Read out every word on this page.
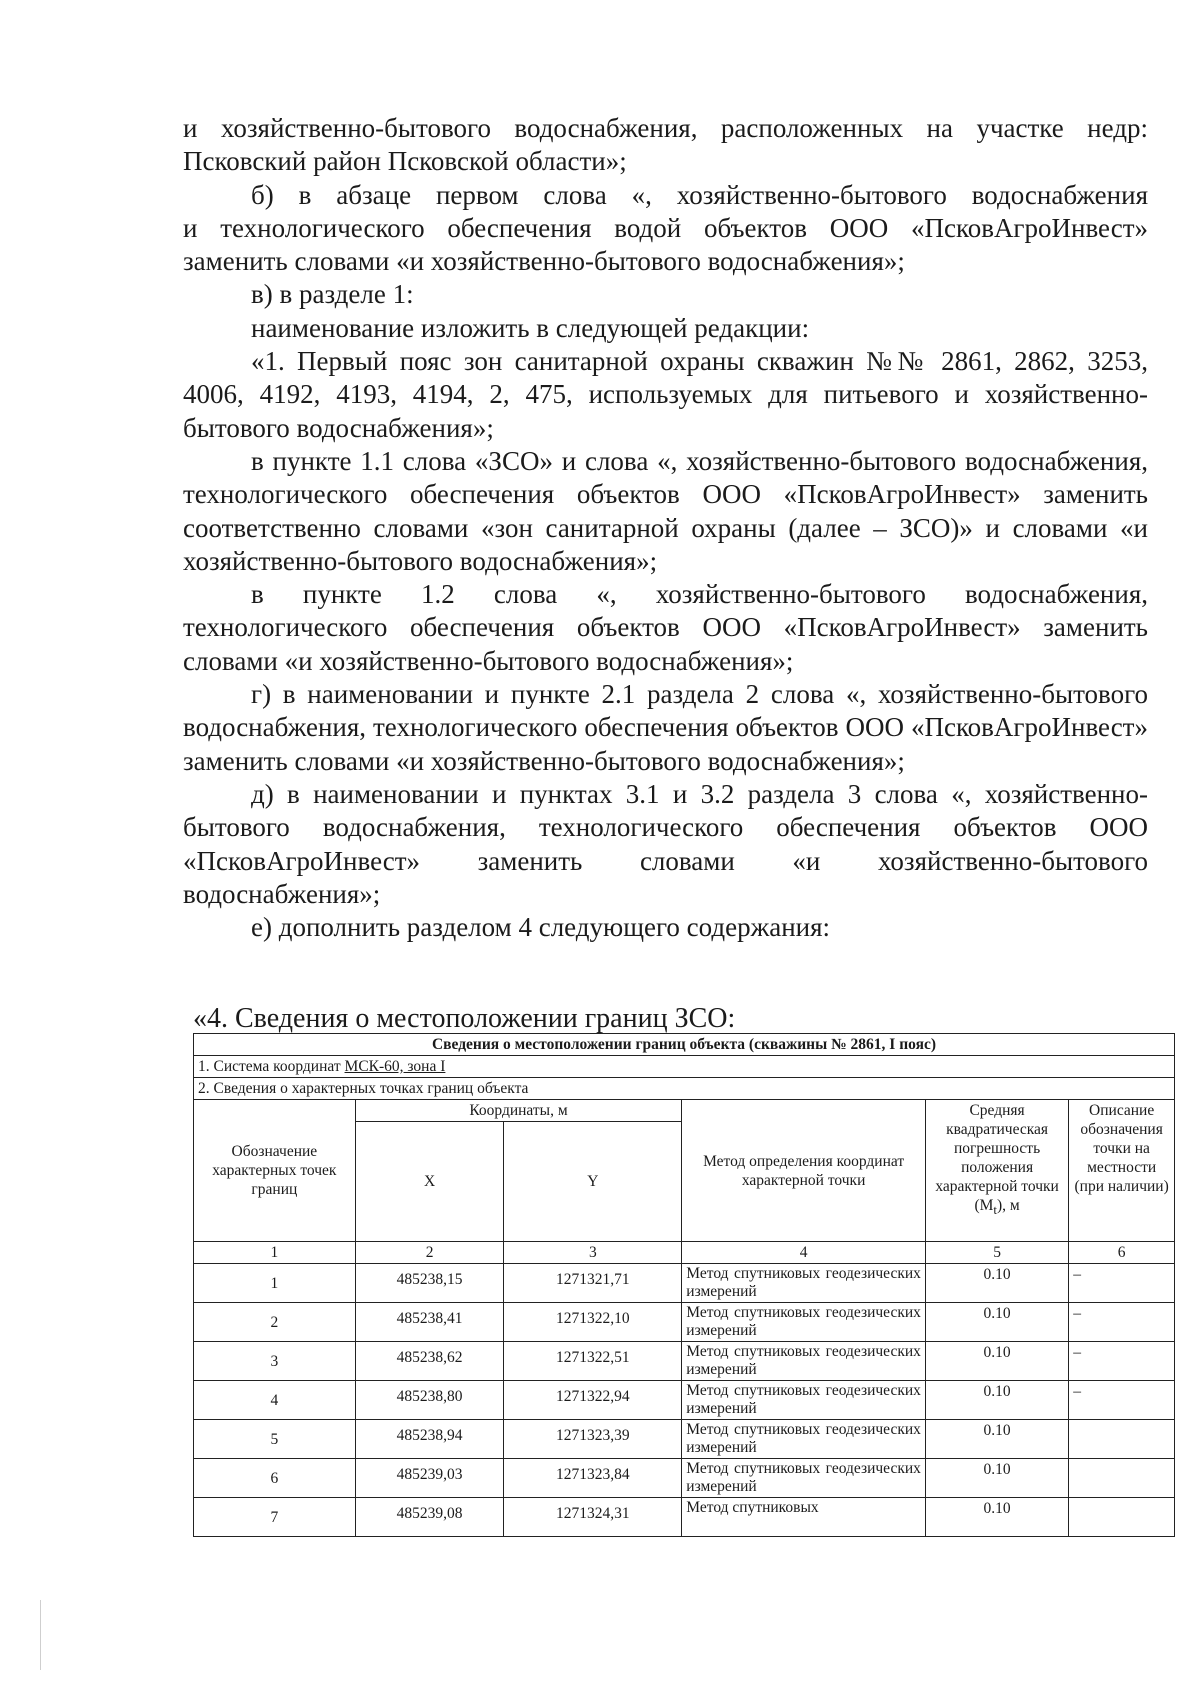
и хозяйственно-бытового водоснабжения, расположенных на участке недр:

Псковский район Псковской области»;

б) в абзаце первом слова «, хозяйственно-бытового водоснабжения

и технологического обеспечения водой объектов ООО «ПсковАгроИнвест»

заменить словами «и хозяйственно-бытового водоснабжения»;

в) в разделе 1:

наименование изложить в следующей редакции:

«1. Первый пояс зон санитарной охраны скважин №№ 2861, 2862, 3253, 4006, 4192, 4193, 4194, 2, 475, используемых для питьевого и хозяйственно-бытового водоснабжения»;

в пункте 1.1 слова «ЗСО» и слова «, хозяйственно-бытового водоснабжения, технологического обеспечения объектов ООО «ПсковАгроИнвест» заменить соответственно словами «зон санитарной охраны (далее – ЗСО)» и словами «и хозяйственно-бытового водоснабжения»;

в пункте 1.2 слова «, хозяйственно-бытового водоснабжения, технологического обеспечения объектов ООО «ПсковАгроИнвест» заменить словами «и хозяйственно-бытового водоснабжения»;

г) в наименовании и пункте 2.1 раздела 2 слова «, хозяйственно-бытового водоснабжения, технологического обеспечения объектов ООО «ПсковАгроИнвест» заменить словами «и хозяйственно-бытового водоснабжения»;

д) в наименовании и пунктах 3.1 и 3.2 раздела 3 слова «, хозяйственно-бытового водоснабжения, технологического обеспечения объектов ООО «ПсковАгроИнвест» заменить словами «и хозяйственно-бытового водоснабжения»;

е) дополнить разделом 4 следующего содержания:

«4. Сведения о местоположении границ ЗСО:
Сведения о местоположении границ объекта (скважины № 2861, I пояс)					
1. Система координат МСК-60, зона I					
2. Сведения о характерных точках границ объекта					
Обозначение характерных точек границ	Координаты, м		Метод определения координат характерной точки	Средняя квадратическая погрешность положения характерной точки $(M_t)$, м	Описание обозначения точки на местности (при наличии)
	X	Y			
1	2	3	4	5	6
1	485238,15	1271321,71	Метод спутниковых геодезических измерений	0.10	–
2	485238,41	1271322,10	Метод спутниковых геодезических измерений	0.10	–
3	485238,62	1271322,51	Метод спутниковых геодезических измерений	0.10	–
4	485238,80	1271322,94	Метод спутниковых геодезических измерений	0.10	–
5	485238,94	1271323,39	Метод спутниковых геодезических измерений	0.10	
6	485239,03	1271323,84	Метод спутниковых геодезических измерений	0.10	
7	485239,08	1271324,31	Метод спутниковых	0.10	
